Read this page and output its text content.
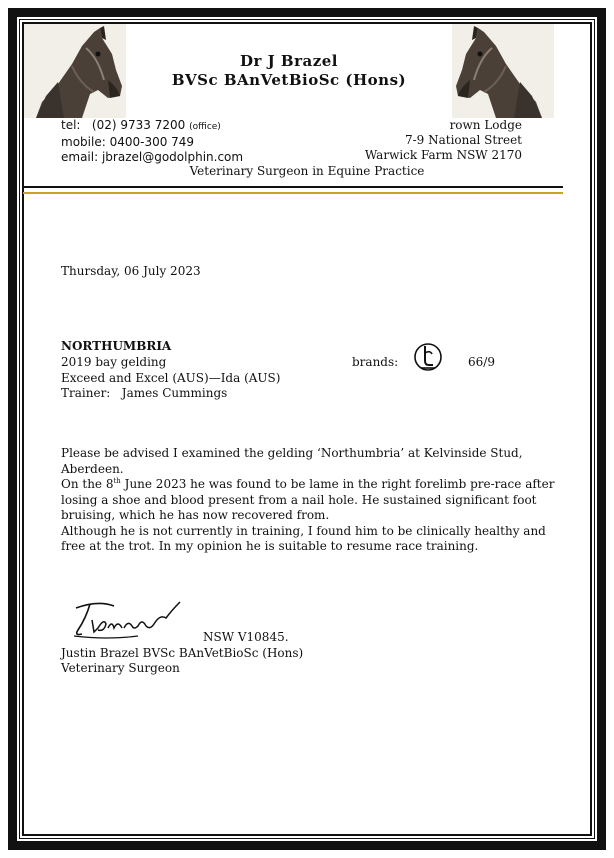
Dr J Brazel
BVSc BAnVetBioSc (Hons)
tel: (02) 9733 7200 (office)
mobile: 0400-300 749
email: jbrazel@godolphin.com
rown Lodge
7-9 National Street
Warwick Farm NSW 2170
Veterinary Surgeon in Equine Practice
Thursday, 06 July 2023
NORTHUMBRIA
2019 bay gelding
Exceed and Excel (AUS)—Ida (AUS)
Trainer: James Cummings
brands:	66/9

Please be advised I examined the gelding ‘Northumbria’ at Kelvinside Stud, Aberdeen.

On the 8th June 2023 he was found to be lame in the right forelimb pre-race after losing a shoe and blood present from a nail hole. He sustained significant foot bruising, which he has now recovered from.

Although he is not currently in training, I found him to be clinically healthy and free at the trot. In my opinion he is suitable to resume race training.

NSW V10845.
Justin Brazel BVSc BAnVetBioSc (Hons)
Veterinary Surgeon
